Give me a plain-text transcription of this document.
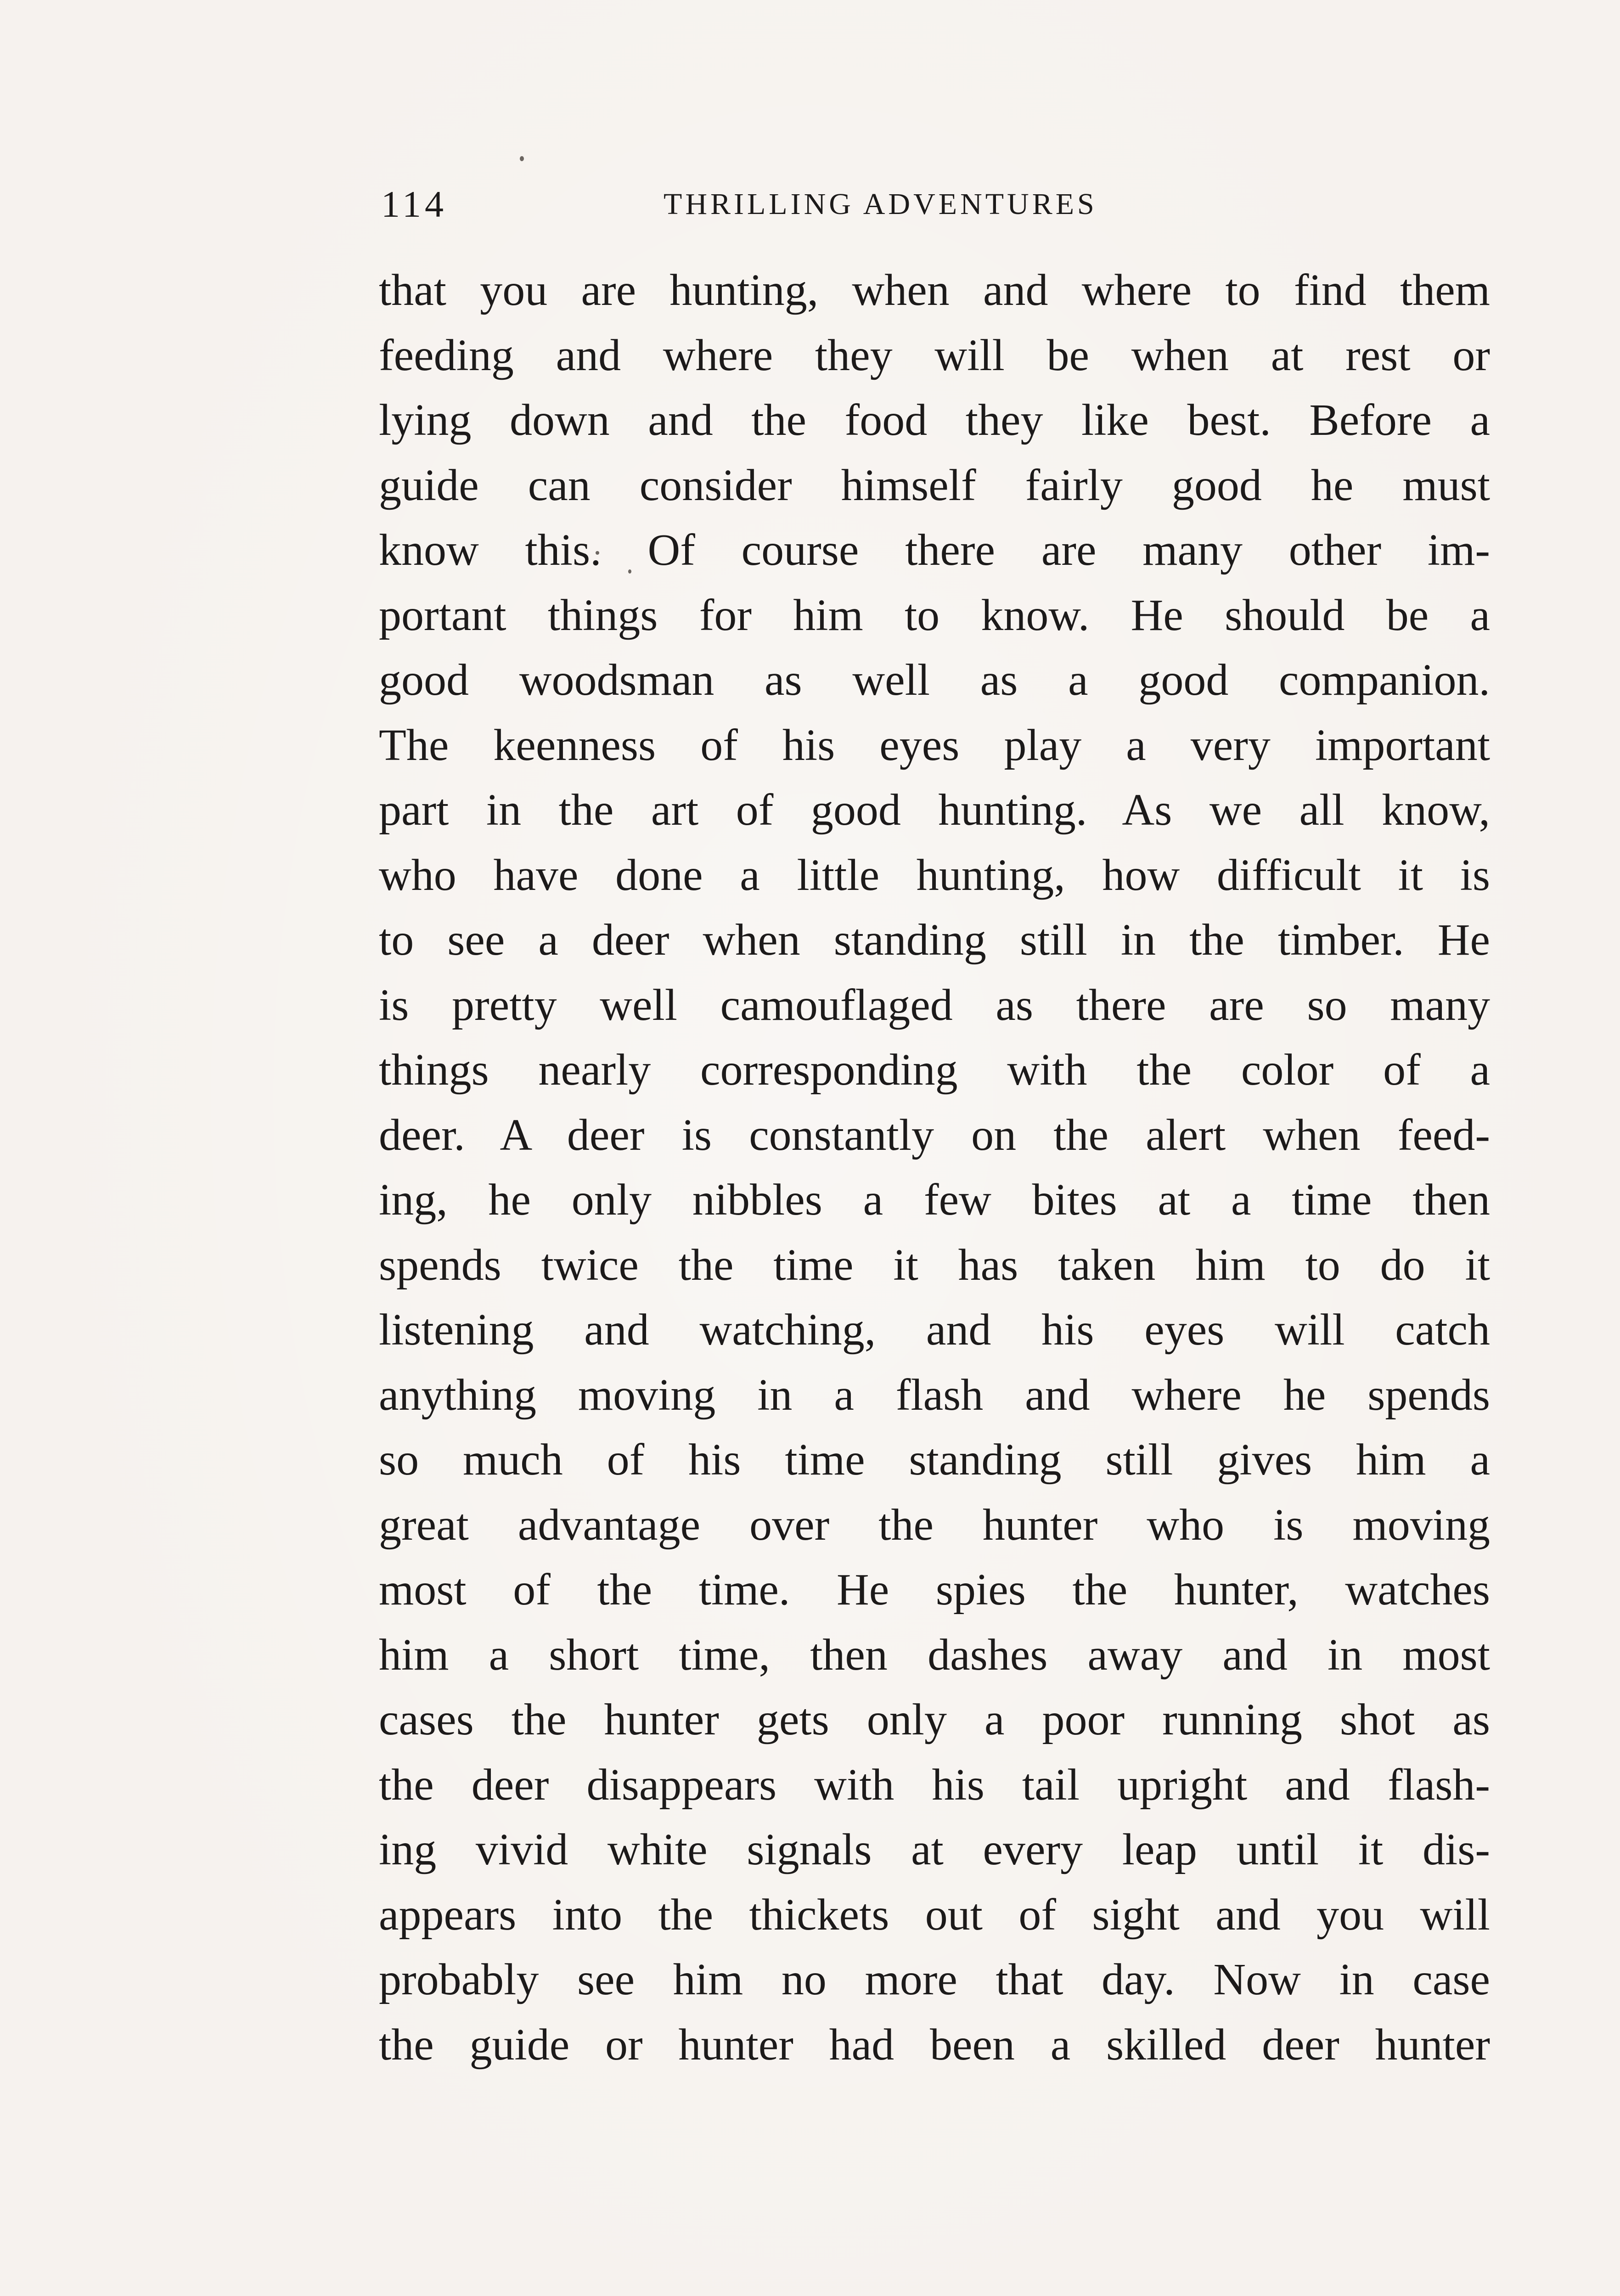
114	THRILLING ADVENTURES
that you are hunting, when and where to find them
feeding and where they will be when at rest or
lying down and the food they like best. Before a
guide can consider himself fairly good he must
know this. Of course there are many other im-
portant things for him to know. He should be a
good woodsman as well as a good companion.
The keenness of his eyes play a very important
part in the art of good hunting. As we all know,
who have done a little hunting, how difficult it is
to see a deer when standing still in the timber. He
is pretty well camouflaged as there are so many
things nearly corresponding with the color of a
deer. A deer is constantly on the alert when feed-
ing, he only nibbles a few bites at a time then
spends twice the time it has taken him to do it
listening and watching, and his eyes will catch
anything moving in a flash and where he spends
so much of his time standing still gives him a
great advantage over the hunter who is moving
most of the time. He spies the hunter, watches
him a short time, then dashes away and in most
cases the hunter gets only a poor running shot as
the deer disappears with his tail upright and flash-
ing vivid white signals at every leap until it dis-
appears into the thickets out of sight and you will
probably see him no more that day. Now in case
the guide or hunter had been a skilled deer hunter
